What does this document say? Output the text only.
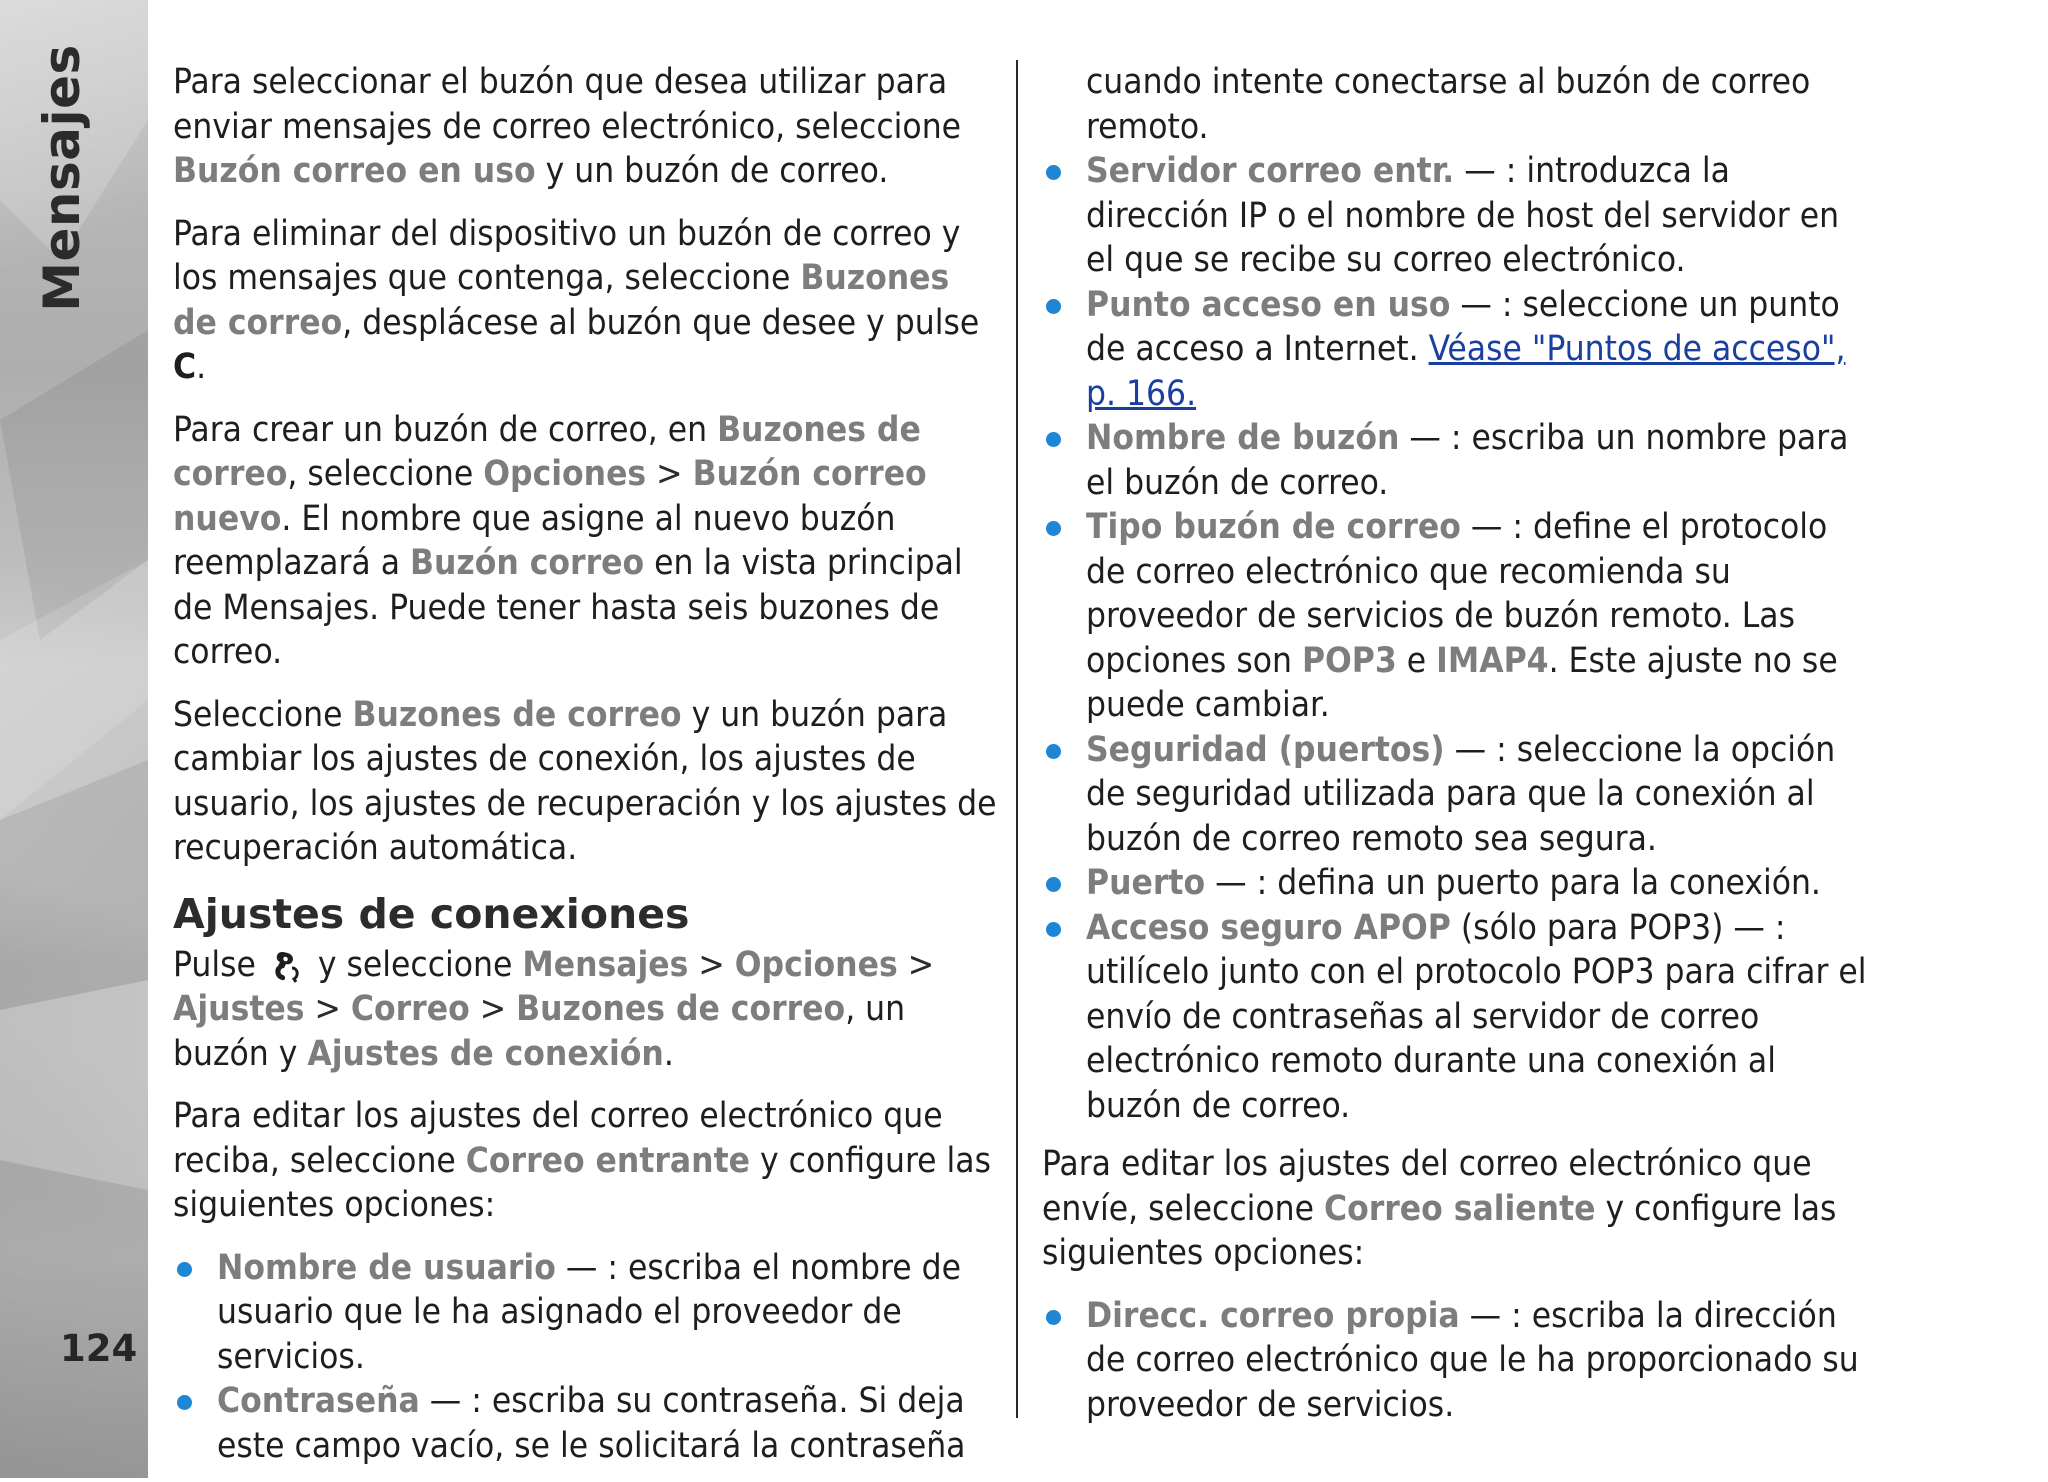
Mensajes
124

Para seleccionar el buzón que desea utilizar para enviar mensajes de correo electrónico, seleccione Buzón correo en uso y un buzón de correo.

Para eliminar del dispositivo un buzón de correo y los mensajes que contenga, seleccione Buzones de correo, desplácese al buzón que desee y pulse C.

Para crear un buzón de correo, en Buzones de correo, seleccione Opciones > Buzón correo nuevo. El nombre que asigne al nuevo buzón reemplazará a Buzón correo en la vista principal de Mensajes. Puede tener hasta seis buzones de correo.

Seleccione Buzones de correo y un buzón para cambiar los ajustes de conexión, los ajustes de usuario, los ajustes de recuperación y los ajustes de recuperación automática.

Ajustes de conexiones

Pulse  y seleccione Mensajes > Opciones > Ajustes > Correo > Buzones de correo, un buzón y Ajustes de conexión.

Para editar los ajustes del correo electrónico que reciba, seleccione Correo entrante y configure las siguientes opciones:

Nombre de usuario — : escriba el nombre de usuario que le ha asignado el proveedor de servicios.
Contraseña — : escriba su contraseña. Si deja este campo vacío, se le solicitará la contraseña

cuando intente conectarse al buzón de correo remoto.

Servidor correo entr. — : introduzca la dirección IP o el nombre de host del servidor en el que se recibe su correo electrónico.
Punto acceso en uso — : seleccione un punto de acceso a Internet. Véase "Puntos de acceso", p. 166.
Nombre de buzón — : escriba un nombre para el buzón de correo.
Tipo buzón de correo — : define el protocolo de correo electrónico que recomienda su proveedor de servicios de buzón remoto. Las opciones son POP3 e IMAP4. Este ajuste no se puede cambiar.
Seguridad (puertos) — : seleccione la opción de seguridad utilizada para que la conexión al buzón de correo remoto sea segura.
Puerto — : defina un puerto para la conexión.
Acceso seguro APOP (sólo para POP3) — : utilícelo junto con el protocolo POP3 para cifrar el envío de contraseñas al servidor de correo electrónico remoto durante una conexión al buzón de correo.

Para editar los ajustes del correo electrónico que envíe, seleccione Correo saliente y configure las siguientes opciones:

Direcc. correo propia — : escriba la dirección de correo electrónico que le ha proporcionado su proveedor de servicios.
